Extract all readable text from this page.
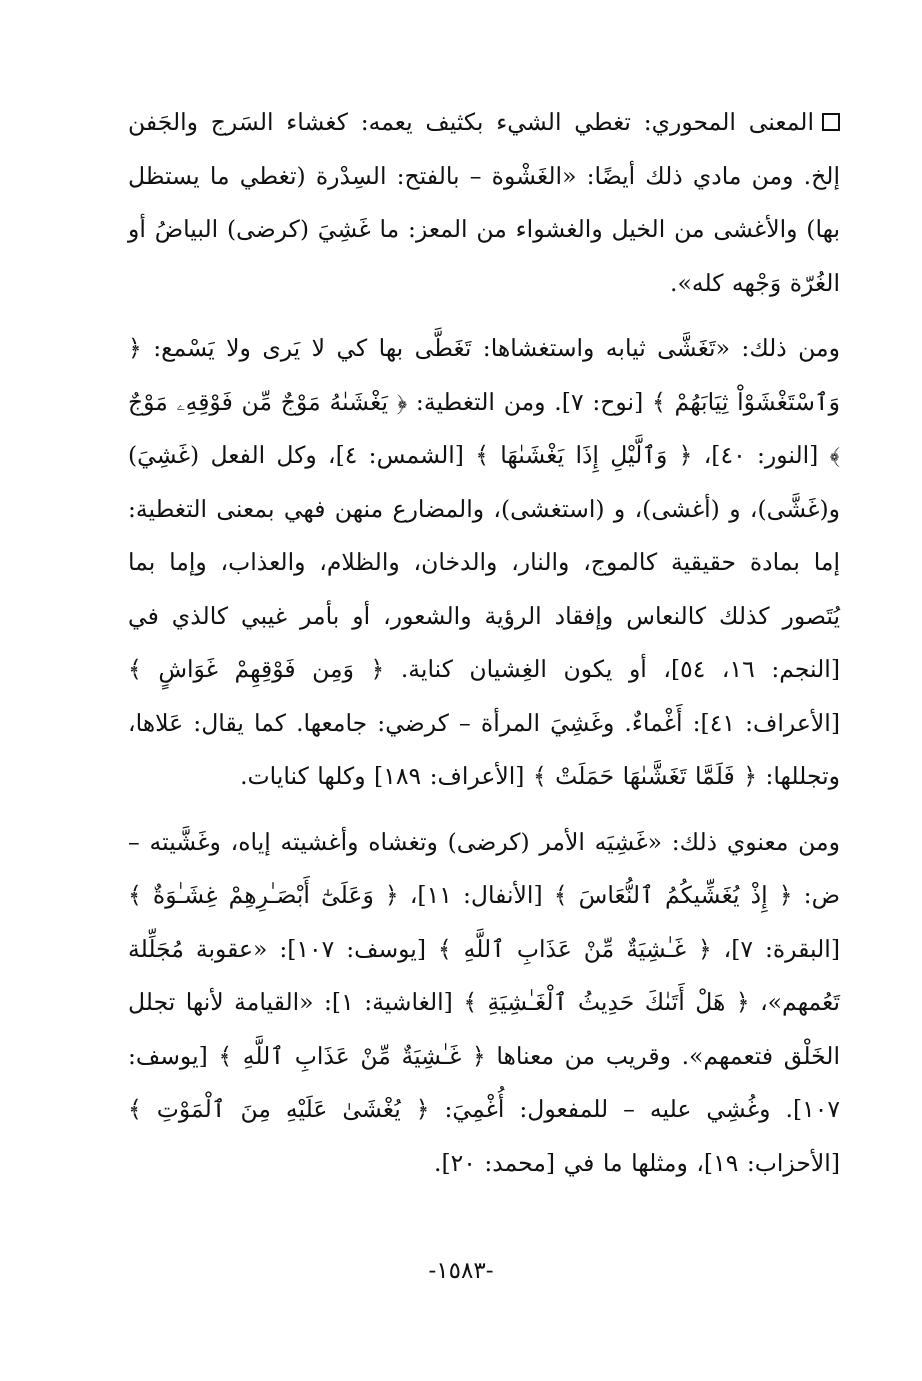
المعنى المحوري: تغطي الشيء بكثيف يعمه: كغشاء السَرج والجَفن إلخ. ومن مادي ذلك أيضًا: «الغَشْوة – بالفتح: السِدْرة (تغطي ما يستظل بها) والأغشى من الخيل والغشواء من المعز: ما غَشِيَ (كرضى) البياضُ أو الغُرّة وَجْهه كله».

ومن ذلك: «تَغَشَّى ثيابه واستغشاها: تَغَطَّى بها كي لا يَرى ولا يَسْمع: ﴿ وَٱسْتَغْشَوْاْ ثِيَابَهُمْ ﴾ [نوح: ٧]. ومن التغطية: ﴿ يَغْشَىٰهُ مَوْجٌ مِّن فَوْقِهِۦ مَوْجٌ ﴾ [النور: ٤٠]، ﴿ وَٱلَّيْلِ إِذَا يَغْشَىٰهَا ﴾ [الشمس: ٤]، وكل الفعل (غَشِيَ) و(غَشَّى)، و (أغشى)، و (استغشى)، والمضارع منهن فهي بمعنى التغطية: إما بمادة حقيقية كالموج، والنار، والدخان، والظلام، والعذاب، وإما بما يُتَصور كذلك كالنعاس وإفقاد الرؤية والشعور، أو بأمر غيبي كالذي في [النجم: ١٦، ٥٤]، أو يكون الغِشيان كناية. ﴿ وَمِن فَوْقِهِمْ غَوَاشٍ ﴾ [الأعراف: ٤١]: أَغْماءٌ. وغَشِيَ المرأة – كرضي: جامعها. كما يقال: عَلاها، وتجللها: ﴿ فَلَمَّا تَغَشَّىٰهَا حَمَلَتْ ﴾ [الأعراف: ١٨٩] وكلها كنايات.

ومن معنوي ذلك: «غَشِيَه الأمر (كرضى) وتغشاه وأغشيته إياه، وغَشَّيته – ض: ﴿ إِذْ يُغَشِّيكُمُ ٱلنُّعَاسَ ﴾ [الأنفال: ١١]، ﴿ وَعَلَىٰٓ أَبْصَـٰرِهِمْ غِشَـٰوَةٌ ﴾ [البقرة: ٧]، ﴿ غَـٰشِيَةٌ مِّنْ عَذَابِ ٱللَّهِ ﴾ [يوسف: ١٠٧]: «عقوبة مُجَلِّلة تَعُمهم»، ﴿ هَلْ أَتَىٰكَ حَدِيثُ ٱلْغَـٰشِيَةِ ﴾ [الغاشية: ١]: «القيامة لأنها تجلل الخَلْق فتعمهم». وقريب من معناها ﴿ غَـٰشِيَةٌ مِّنْ عَذَابِ ٱللَّهِ ﴾ [يوسف: ١٠٧]. وغُشِي عليه – للمفعول: أُغْمِيَ: ﴿ يُغْشَىٰ عَلَيْهِ مِنَ ٱلْمَوْتِ ﴾ [الأحزاب: ١٩]، ومثلها ما في [محمد: ٢٠].

-١٥٨٣-
